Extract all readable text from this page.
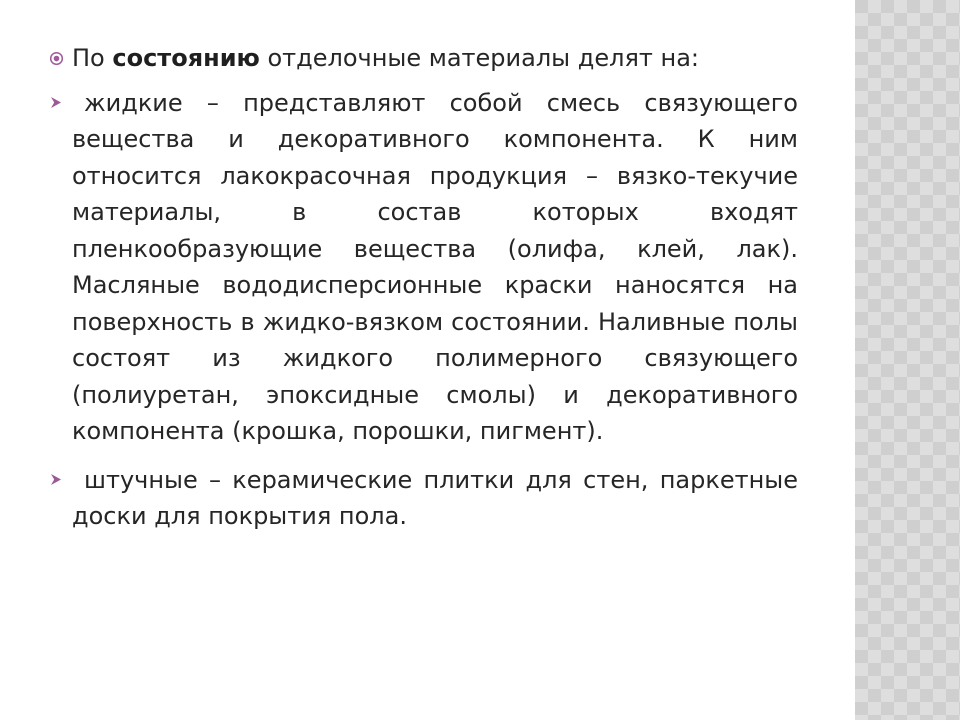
По состоянию отделочные материалы делят на:
жидкие – представляют собой смесь связующего вещества и декоративного компонента. К ним относится лакокрасочная продукция – вязко-текучие материалы, в состав которых входят пленкообразующие вещества (олифа, клей, лак). Масляные вододисперсионные краски наносятся на поверхность в жидко-вязком состоянии. Наливные полы состоят из жидкого полимерного связующего (полиуретан, эпоксидные смолы) и декоративного компонента (крошка, порошки, пигмент).
штучные – керамические плитки для стен, паркетные доски для покрытия пола.
